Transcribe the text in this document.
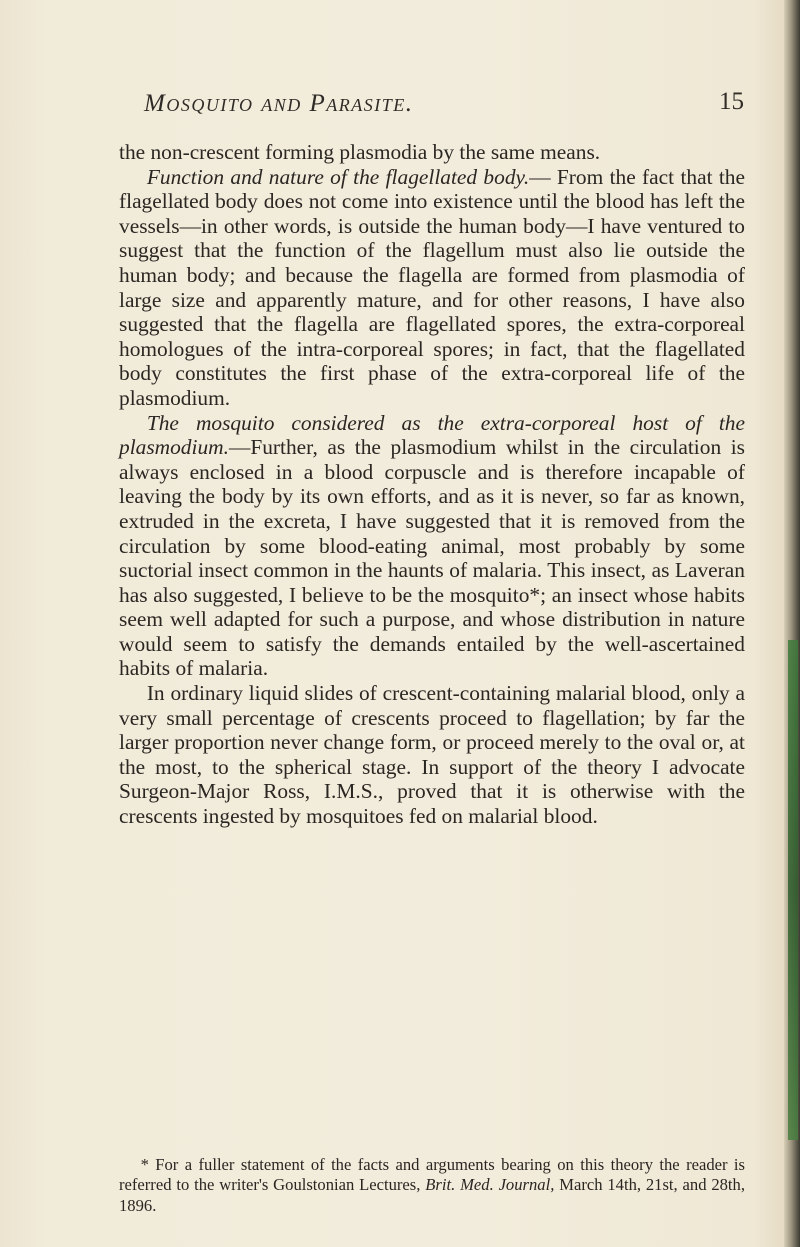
Mosquito and Parasite.	15

the non-crescent forming plasmodia by the same means.

Function and nature of the flagellated body.— From the fact that the flagellated body does not come into existence until the blood has left the vessels—in other words, is outside the human body—I have ventured to suggest that the function of the flagellum must also lie outside the human body; and because the flagella are formed from plasmodia of large size and apparently mature, and for other reasons, I have also suggested that the flagella are flagellated spores, the extra-corporeal homologues of the intra-corporeal spores; in fact, that the flagellated body constitutes the first phase of the extra-corporeal life of the plasmodium.

The mosquito considered as the extra-corporeal host of the plasmodium.—Further, as the plasmodium whilst in the circulation is always enclosed in a blood corpuscle and is therefore incapable of leaving the body by its own efforts, and as it is never, so far as known, extruded in the excreta, I have suggested that it is removed from the circulation by some blood-eating animal, most probably by some suctorial insect common in the haunts of malaria. This insect, as Laveran has also suggested, I believe to be the mosquito*; an insect whose habits seem well adapted for such a purpose, and whose distribution in nature would seem to satisfy the demands entailed by the well-ascertained habits of malaria.

In ordinary liquid slides of crescent-containing malarial blood, only a very small percentage of crescents proceed to flagellation; by far the larger proportion never change form, or proceed merely to the oval or, at the most, to the spherical stage. In support of the theory I advocate Surgeon-Major Ross, I.M.S., proved that it is otherwise with the crescents ingested by mosquitoes fed on malarial blood.

* For a fuller statement of the facts and arguments bearing on this theory the reader is referred to the writer's Goulstonian Lectures, Brit. Med. Journal, March 14th, 21st, and 28th, 1896.
